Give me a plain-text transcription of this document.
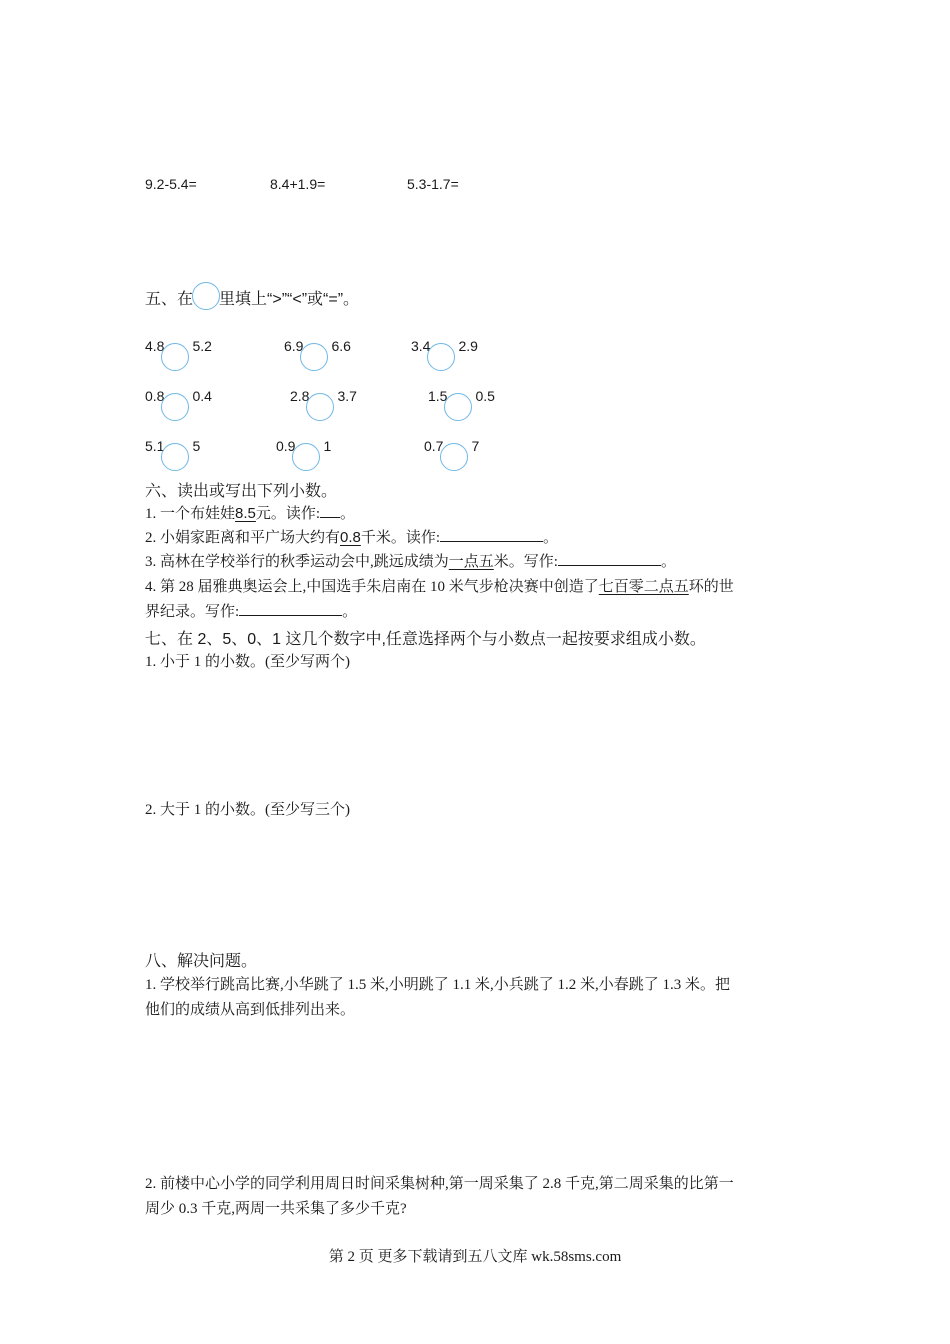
9.2-5.4=	8.4+1.9=	5.3-1.7=
五、在 里填上“>”“<”或“=”。
4.8 5.2	6.9 6.6	3.4 2.9
0.8 0.4	2.8 3.7	1.5 0.5
5.1 5	0.9 1	0.7 7
六、读出或写出下列小数。
1. 一个布娃娃8.5元。读作: 。
2. 小娟家距离和平广场大约有0.8千米。读作:	。
3. 高林在学校举行的秋季运动会中,跳远成绩为一点五米。写作:	。
4. 第 28 届雅典奥运会上,中国选手朱启南在 10 米气步枪决赛中创造了七百零二点五环的世
界纪录。写作:	。
七、在 2、5、0、1 这几个数字中,任意选择两个与小数点一起按要求组成小数。
1. 小于 1 的小数。(至少写两个)
2. 大于 1 的小数。(至少写三个)
八、解决问题。
1. 学校举行跳高比赛,小华跳了 1.5 米,小明跳了 1.1 米,小兵跳了 1.2 米,小春跳了 1.3 米。把
他们的成绩从高到低排列出来。
2. 前楼中心小学的同学利用周日时间采集树种,第一周采集了 2.8 千克,第二周采集的比第一
周少 0.3 千克,两周一共采集了多少千克?
第 2 页 更多下载请到五八文库 wk.58sms.com
